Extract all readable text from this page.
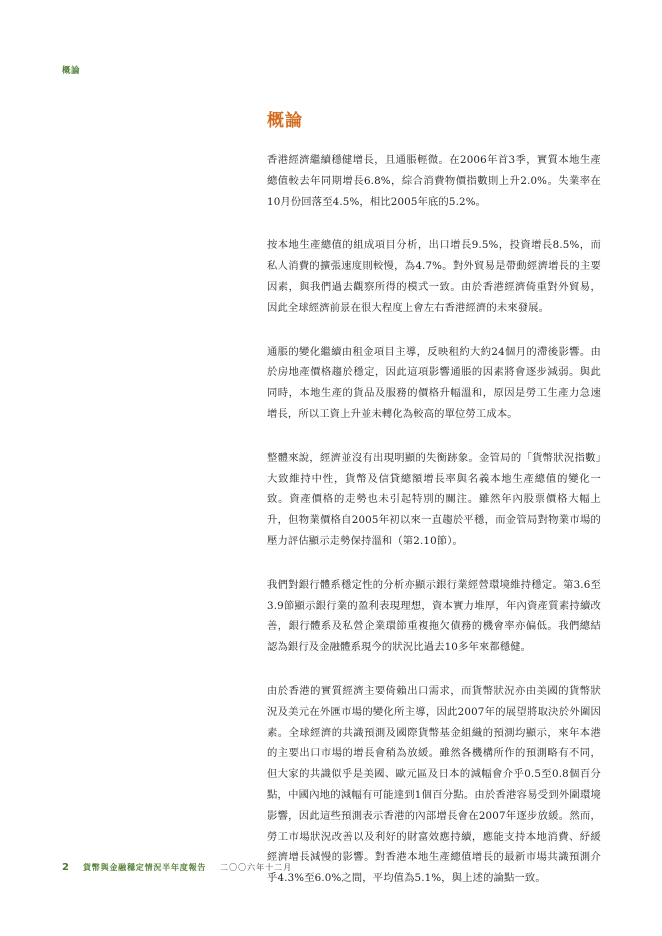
概論
概論

香港經濟繼續穩健增長，且通脹輕微。在2006年首3季，實質本地生產總值較去年同期增長6.8%，綜合消費物價指數則上升2.0%。失業率在10月份回落至4.5%，相比2005年底的5.2%。

按本地生產總值的組成項目分析，出口增長9.5%，投資增長8.5%，而私人消費的擴張速度則較慢，為4.7%。對外貿易是帶動經濟增長的主要因素，與我們過去觀察所得的模式一致。由於香港經濟倚重對外貿易，因此全球經濟前景在很大程度上會左右香港經濟的未來發展。

通脹的變化繼續由租金項目主導，反映租約大約24個月的滯後影響。由於房地產價格趨於穩定，因此這項影響通脹的因素將會逐步減弱。與此同時，本地生產的貨品及服務的價格升幅溫和，原因是勞工生產力急速增長，所以工資上升並未轉化為較高的單位勞工成本。

整體來說，經濟並沒有出現明顯的失衡跡象。金管局的「貨幣狀況指數」大致維持中性，貨幣及信貸總額增長率與名義本地生產總值的變化一致。資產價格的走勢也未引起特別的關注。雖然年內股票價格大幅上升，但物業價格自2005年初以來一直趨於平穩，而金管局對物業市場的壓力評估顯示走勢保持溫和（第2.10節）。

我們對銀行體系穩定性的分析亦顯示銀行業經營環境維持穩定。第3.6至3.9節顯示銀行業的盈利表現理想，資本實力堆厚，年內資產質素持續改善，銀行體系及私營企業環節重複拖欠債務的機會率亦偏低。我們總結認為銀行及金融體系現今的狀況比過去10多年來都穩健。

由於香港的實質經濟主要倚賴出口需求，而貨幣狀況亦由美國的貨幣狀況及美元在外匯市場的變化所主導，因此2007年的展望將取決於外圍因素。全球經濟的共識預測及國際貨幣基金組織的預測均顯示，來年本港的主要出口市場的增長會稍為放緩。雖然各機構所作的預測略有不同，但大家的共識似乎是美國、歐元區及日本的減幅會介乎0.5至0.8個百分點，中國內地的減幅有可能達到1個百分點。由於香港容易受到外圍環境影響，因此這些預測表示香港的內部增長會在2007年逐步放緩。然而，勞工市場狀況改善以及利好的財富效應持續，應能支持本地消費、紓緩經濟增長減慢的影響。對香港本地生產總值增長的最新市場共識預測介乎4.3%至6.0%之間，平均值為5.1%，與上述的論點一致。

2 貨幣與金融穩定情況半年度報告 二〇〇六年十二月
